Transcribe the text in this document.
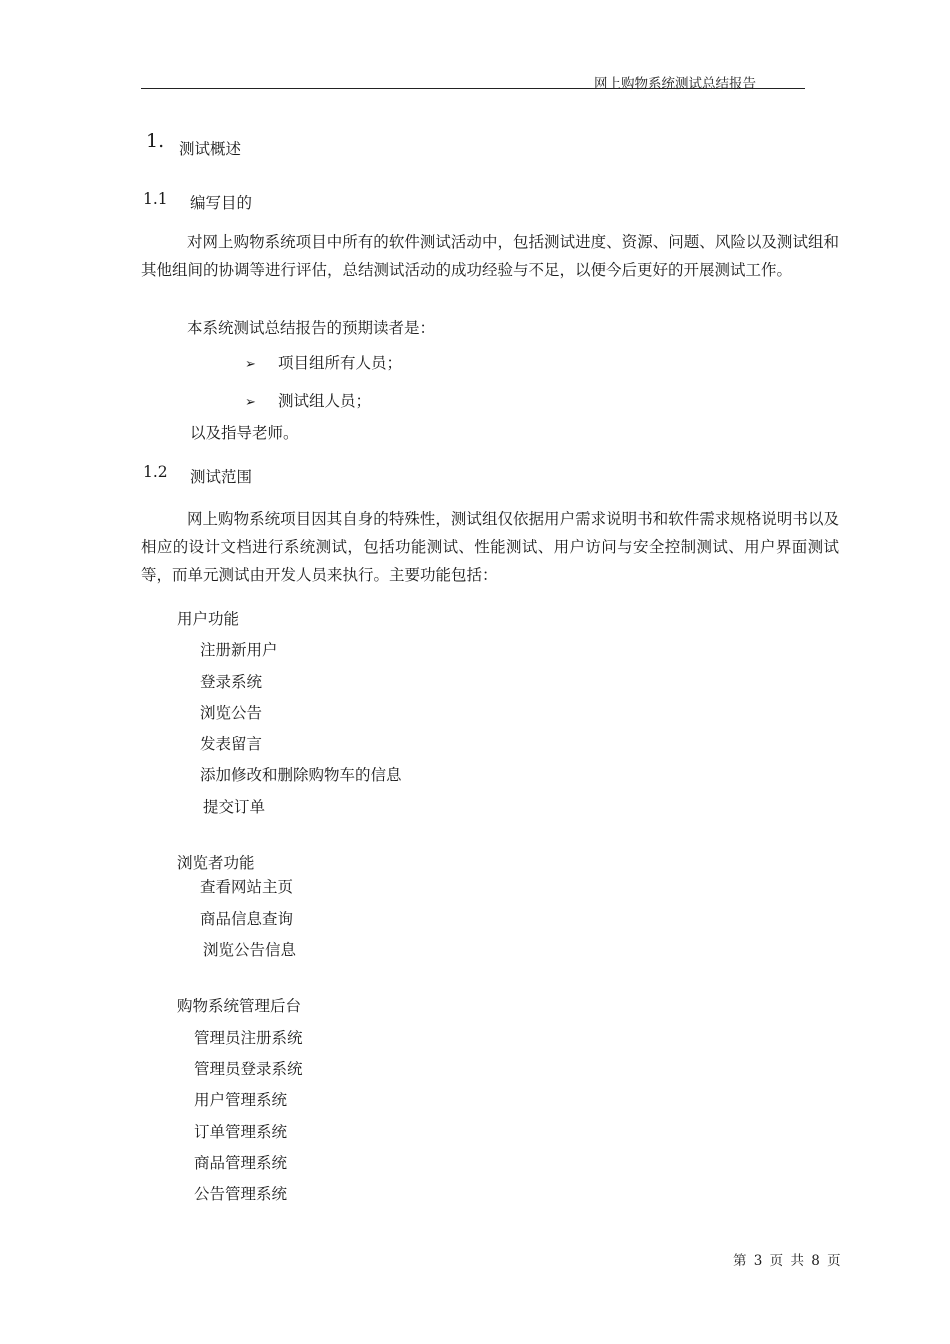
网上购物系统测试总结报告
1. 测试概述
1.1 编写目的
对网上购物系统项目中所有的软件测试活动中，包括测试进度、资源、问题、风险以及测试组和其他组间的协调等进行评估，总结测试活动的成功经验与不足，以便今后更好的开展测试工作。
本系统测试总结报告的预期读者是：
➢ 项目组所有人员；
➢ 测试组人员；
以及指导老师。
1.2 测试范围
网上购物系统项目因其自身的特殊性，测试组仅依据用户需求说明书和软件需求规格说明书以及相应的设计文档进行系统测试，包括功能测试、性能测试、用户访问与安全控制测试、用户界面测试等，而单元测试由开发人员来执行。主要功能包括：
用户功能
注册新用户
登录系统
浏览公告
发表留言
添加修改和删除购物车的信息
提交订单
浏览者功能
查看网站主页
商品信息查询
浏览公告信息
购物系统管理后台
管理员注册系统
管理员登录系统
用户管理系统
订单管理系统
商品管理系统
公告管理系统
第 3 页 共 8 页
